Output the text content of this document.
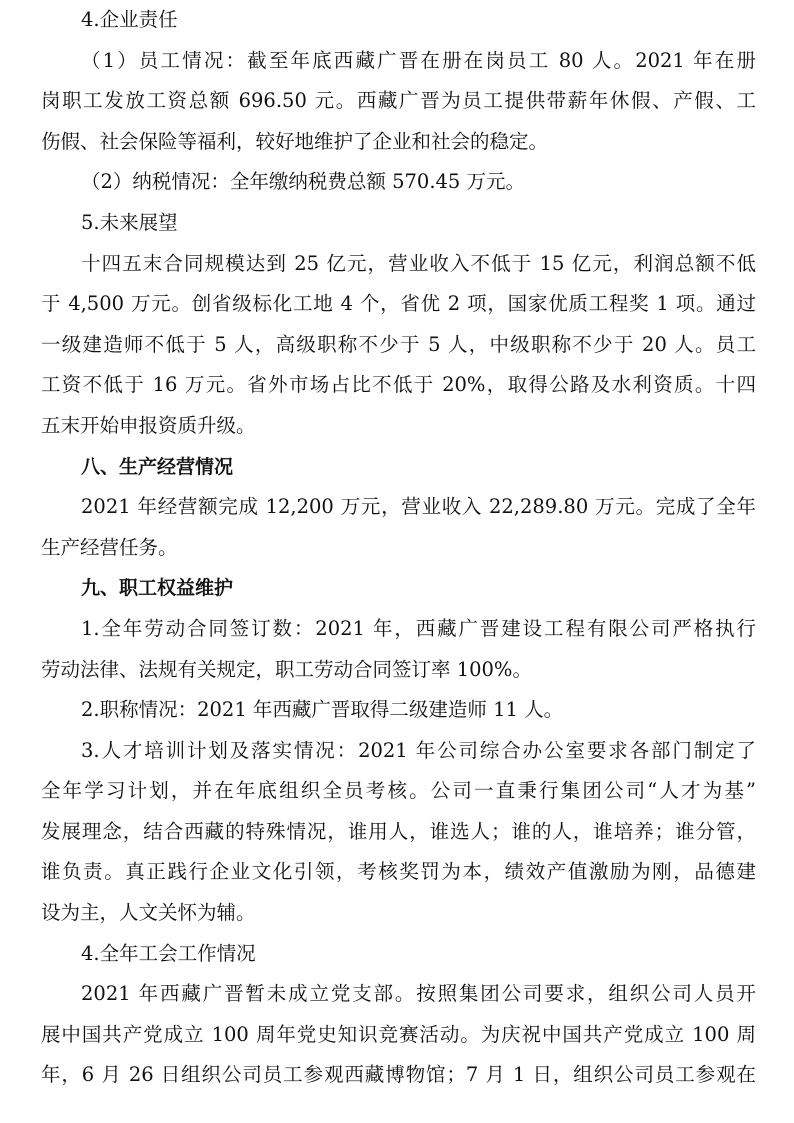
4.企业责任
（1）员工情况：截至年底西藏广晋在册在岗员工 80 人。2021 年在册
岗职工发放工资总额 696.50 元。西藏广晋为员工提供带薪年休假、产假、工
伤假、社会保险等福利，较好地维护了企业和社会的稳定。
（2）纳税情况：全年缴纳税费总额 570.45 万元。
5.未来展望
十四五末合同规模达到 25 亿元，营业收入不低于 15 亿元，利润总额不低
于 4,500 万元。创省级标化工地 4 个，省优 2 项，国家优质工程奖 1 项。通过
一级建造师不低于 5 人，高级职称不少于 5 人，中级职称不少于 20 人。员工
工资不低于 16 万元。省外市场占比不低于 20%，取得公路及水利资质。十四
五末开始申报资质升级。
八、生产经营情况
2021 年经营额完成 12,200 万元，营业收入 22,289.80 万元。完成了全年
生产经营任务。
九、职工权益维护
1.全年劳动合同签订数：2021 年，西藏广晋建设工程有限公司严格执行
劳动法律、法规有关规定，职工劳动合同签订率 100%。
2.职称情况：2021 年西藏广晋取得二级建造师 11 人。
3.人才培训计划及落实情况：2021 年公司综合办公室要求各部门制定了
全年学习计划，并在年底组织全员考核。公司一直秉行集团公司“人才为基”
发展理念，结合西藏的特殊情况，谁用人，谁选人；谁的人，谁培养；谁分管，
谁负责。真正践行企业文化引领，考核奖罚为本，绩效产值激励为刚，品德建
设为主，人文关怀为辅。
4.全年工会工作情况
2021 年西藏广晋暂未成立党支部。按照集团公司要求，组织公司人员开
展中国共产党成立 100 周年党史知识竞赛活动。为庆祝中国共产党成立 100 周
年，6 月 26 日组织公司员工参观西藏博物馆；7 月 1 日，组织公司员工参观在
